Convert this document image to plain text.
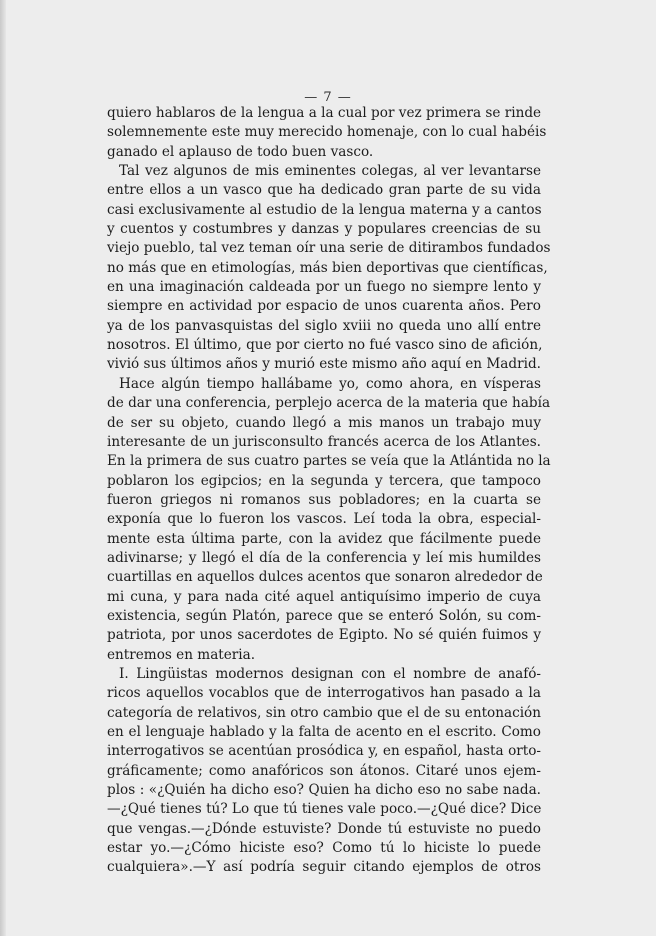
— 7 —
quiero hablaros de la lengua a la cual por vez primera se rinde
solemnemente este muy merecido homenaje, con lo cual habéis
ganado el aplauso de todo buen vasco.
Tal vez algunos de mis eminentes colegas, al ver levantarse
entre ellos a un vasco que ha dedicado gran parte de su vida
casi exclusivamente al estudio de la lengua materna y a cantos
y cuentos y costumbres y danzas y populares creencias de su
viejo pueblo, tal vez teman oír una serie de ditirambos fundados
no más que en etimologías, más bien deportivas que científicas,
en una imaginación caldeada por un fuego no siempre lento y
siempre en actividad por espacio de unos cuarenta años. Pero
ya de los panvasquistas del siglo xviii no queda uno allí entre
nosotros. El último, que por cierto no fué vasco sino de afición,
vivió sus últimos años y murió este mismo año aquí en Madrid.
Hace algún tiempo hallábame yo, como ahora, en vísperas
de dar una conferencia, perplejo acerca de la materia que había
de ser su objeto, cuando llegó a mis manos un trabajo muy
interesante de un jurisconsulto francés acerca de los Atlantes.
En la primera de sus cuatro partes se veía que la Atlántida no la
poblaron los egipcios; en la segunda y tercera, que tampoco
fueron griegos ni romanos sus pobladores; en la cuarta se
exponía que lo fueron los vascos. Leí toda la obra, especial-
mente esta última parte, con la avidez que fácilmente puede
adivinarse; y llegó el día de la conferencia y leí mis humildes
cuartillas en aquellos dulces acentos que sonaron alrededor de
mi cuna, y para nada cité aquel antiquísimo imperio de cuya
existencia, según Platón, parece que se enteró Solón, su com-
patriota, por unos sacerdotes de Egipto. No sé quién fuimos y
entremos en materia.
I. Lingüistas modernos designan con el nombre de anafó-
ricos aquellos vocablos que de interrogativos han pasado a la
categoría de relativos, sin otro cambio que el de su entonación
en el lenguaje hablado y la falta de acento en el escrito. Como
interrogativos se acentúan prosódica y, en español, hasta orto-
gráficamente; como anafóricos son átonos. Citaré unos ejem-
plos : «¿Quién ha dicho eso? Quien ha dicho eso no sabe nada.
—¿Qué tienes tú? Lo que tú tienes vale poco.—¿Qué dice? Dice
que vengas.—¿Dónde estuviste? Donde tú estuviste no puedo
estar yo.—¿Cómo hiciste eso? Como tú lo hiciste lo puede
cualquiera».—Y así podría seguir citando ejemplos de otros
